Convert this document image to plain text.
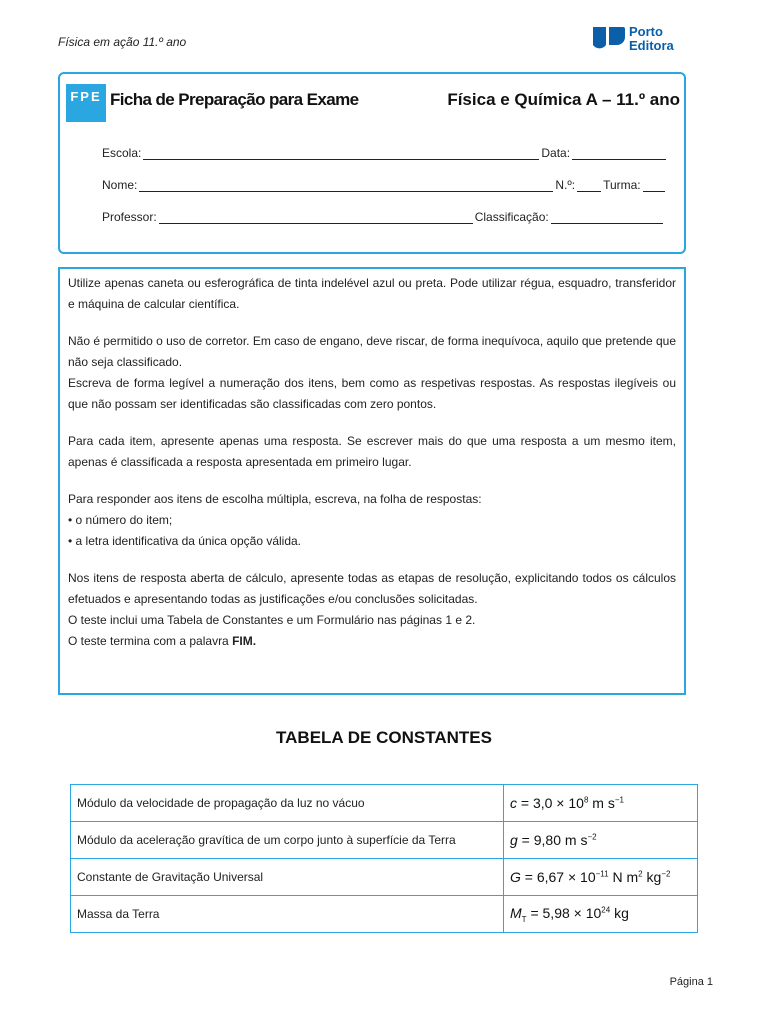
Física em ação 11.º ano
Porto
Editora
FPE Ficha de Preparação para Exame	Física e Química A – 11.º ano
Escola:	Data:
Nome:	N.º: Turma:
Professor:	Classificação:

Utilize apenas caneta ou esferográfica de tinta indelével azul ou preta. Pode utilizar régua, esquadro, transferidor e máquina de calcular científica.

Não é permitido o uso de corretor. Em caso de engano, deve riscar, de forma inequívoca, aquilo que pretende que não seja classificado.

Escreva de forma legível a numeração dos itens, bem como as respetivas respostas. As respostas ilegíveis ou que não possam ser identificadas são classificadas com zero pontos.

Para cada item, apresente apenas uma resposta. Se escrever mais do que uma resposta a um mesmo item, apenas é classificada a resposta apresentada em primeiro lugar.

Para responder aos itens de escolha múltipla, escreva, na folha de respostas:

• o número do item;

• a letra identificativa da única opção válida.

Nos itens de resposta aberta de cálculo, apresente todas as etapas de resolução, explicitando todos os cálculos efetuados e apresentando todas as justificações e/ou conclusões solicitadas.

O teste inclui uma Tabela de Constantes e um Formulário nas páginas 1 e 2.

O teste termina com a palavra FIM.

TABELA DE CONSTANTES
Módulo da velocidade de propagação da luz no vácuo	$c = 3,0 \times 10^8$ m $s^{-1}$
Módulo da aceleração gravítica de um corpo junto à superfície da Terra	g = 9,80 m $s^{-2}$
Constante de Gravitação Universal	$G = 6,67 \times 10^{-11}$ N $m^2$ $kg^{-2}$
Massa da Terra	$M_T = 5,98 \times 10^{24}$ kg
Página 1
